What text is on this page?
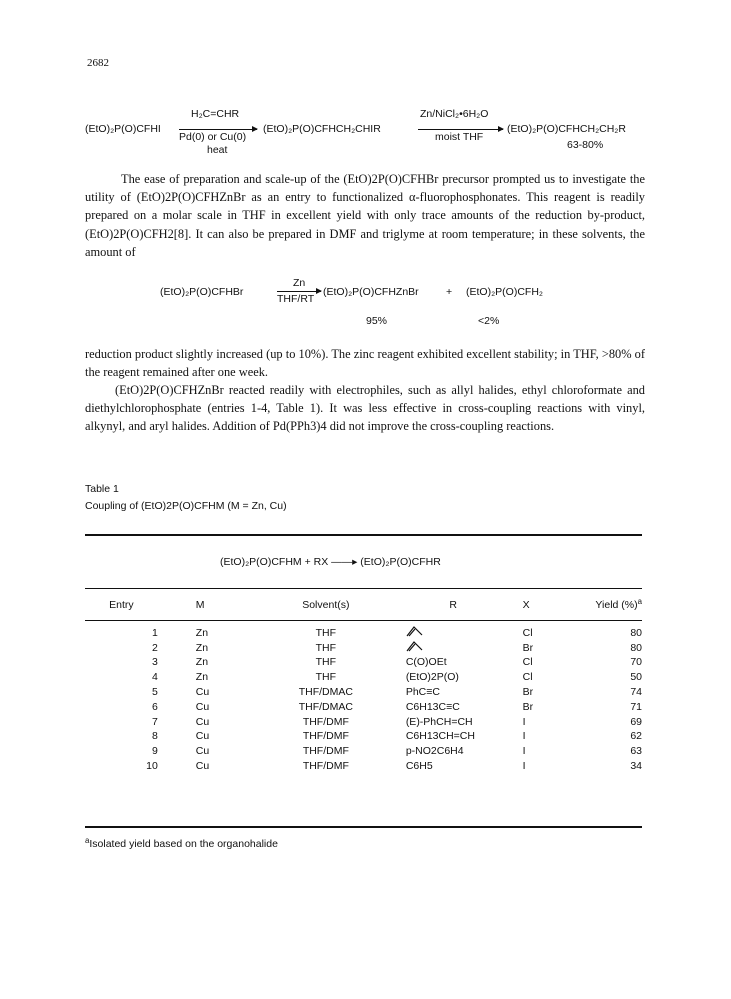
2682
(EtO)₂P(O)CFHI
H₂C=CHR
Pd(0) or Cu(0)
heat
(EtO)₂P(O)CFHCH₂CHIR
Zn/NiCl₂•6H₂O
moist THF
(EtO)₂P(O)CFHCH₂CH₂R
63-80%

The ease of preparation and scale-up of the (EtO)2P(O)CFHBr precursor prompted us to investigate the utility of (EtO)2P(O)CFHZnBr as an entry to functionalized α-fluorophosphonates. This reagent is readily prepared on a molar scale in THF in excellent yield with only trace amounts of the reduction by-product, (EtO)2P(O)CFH2[8]. It can also be prepared in DMF and triglyme at room temperature; in these solvents, the amount of

(EtO)₂P(O)CFHBr
Zn
THF/RT
(EtO)₂P(O)CFHZnBr	+ (EtO)₂P(O)CFH₂
95%	<2%

reduction product slightly increased (up to 10%). The zinc reagent exhibited excellent stability; in THF, >80% of the reagent remained after one week.

(EtO)2P(O)CFHZnBr reacted readily with electrophiles, such as allyl halides, ethyl chloroformate and diethylchlorophosphate (entries 1-4, Table 1). It was less effective in cross-coupling reactions with vinyl, alkynyl, and aryl halides. Addition of Pd(PPh3)4 did not improve the cross-coupling reactions.

Table 1
Coupling of (EtO)2P(O)CFHM (M = Zn, Cu)
(EtO)₂P(O)CFHM + RX ——▸ (EtO)₂P(O)CFHR
Entry	M	Solvent(s)	R	X	Yield (%)$^a$
1	Zn	THF		Cl	80
2	Zn	THF		Br	80
3	Zn	THF	C(O)OEt	Cl	70
4	Zn	THF	(EtO)2P(O)	Cl	50
5	Cu	THF/DMAC	PhC≡C	Br	74
6	Cu	THF/DMAC	C6H13C≡C	Br	71
7	Cu	THF/DMF	(E)-PhCH=CH	I	69
8	Cu	THF/DMF	C6H13CH=CH	I	62
9	Cu	THF/DMF	p-NO2C6H4	I	63
10	Cu	THF/DMF	C6H5	I	34
$^a$Isolated yield based on the organohalide
